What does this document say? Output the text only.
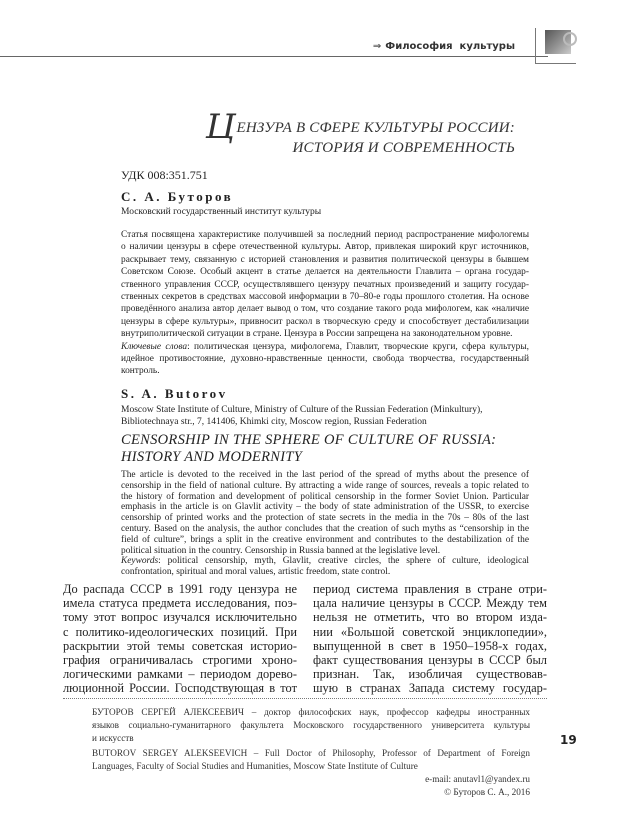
⇒ Философия  культуры
ЦЕНЗУРА В СФЕРЕ КУЛЬТУРЫ РОССИИ:
ИСТОРИЯ И СОВРЕМЕННОСТЬ
УДК 008:351.751
С. А. Буторов
Московский государственный институт культуры
Статья посвящена характеристике получившей за последний период распространение мифологемы
о наличии цензуры в сфере отечественной культуры. Автор, привлекая широкий круг источников,
раскрывает тему, связанную с историей становления и развития политической цензуры в бывшем
Советском Союзе. Особый акцент в статье делается на деятельности Главлита – органа государ-
ственного управления СССР, осуществлявшего цензуру печатных произведений и защиту государ-
ственных секретов в средствах массовой информации в 70–80-е годы прошлого столетия. На основе
проведённого анализа автор делает вывод о том, что создание такого рода мифологем, как «наличие
цензуры в сфере культуры», привносит раскол в творческую среду и способствует дестабилизации
внутриполитической ситуации в стране. Цензура в России запрещена на законодательном уровне.
Ключевые слова: политическая цензура, мифологема, Главлит, творческие круги, сфера культуры,
идейное противостояние, духовно-нравственные ценности, свобода творчества, государственный
контроль.
S. A. Butorov
Moscow State Institute of Culture, Ministry of Culture of the Russian Federation (Minkultury),
Bibliotechnaya str., 7, 141406, Khimki city, Moscow region, Russian Federation
CENSORSHIP IN THE SPHERE OF CULTURE OF RUSSIA:
HISTORY AND MODERNITY
The article is devoted to the received in the last period of the spread of myths about the presence of
censorship in the field of national culture. By attracting a wide range of sources, reveals a topic related to
the history of formation and development of political censorship in the former Soviet Union. Particular
emphasis in the article is on Glavlit activity – the body of state administration of the USSR, to exercise
censorship of printed works and the protection of state secrets in the media in the 70s – 80s of the last
century. Based on the analysis, the author concludes that the creation of such myths as “censorship in the
field of culture”, brings a split in the creative environment and contributes to the destabilization of the
political situation in the country. Censorship in Russia banned at the legislative level.
Keywords: political censorship, myth, Glavlit, creative circles, the sphere of culture, ideological
confrontation, spiritual and moral values, artistic freedom, state control.
До распада СССР в 1991 году цензура не
имела статуса предмета исследования, поэ-
тому этот вопрос изучался исключительно
с политико-идеологических позиций. При
раскрытии этой темы советская историо-
графия ограничивалась строгими хроно-
логическими рамками – периодом дорево-
люционной России. Господствующая в тот
период система правления в стране отри-
цала наличие цензуры в СССР. Между тем
нельзя не отметить, что во втором изда-
нии «Большой советской энциклопедии»,
выпущенной в свет в 1950–1958-х годах,
факт существования цензуры в СССР был
признан. Так, изобличая существовав-
шую в странах Запада систему государ-
БУТОРОВ СЕРГЕЙ АЛЕКСЕЕВИЧ – доктор философских наук, профессор кафедры иностранных
языков социально-гуманитарного факультета Московского государственного университета культуры
и искусств
BUTOROV SERGEY ALEKSEEVICH – Full Doctor of Philosophy, Professor of Department of Foreign
Languages, Faculty of Social Studies and Humanities, Moscow State Institute of Culture
e-mail: anutavl1@yandex.ru
© Буторов С. А., 2016
19
